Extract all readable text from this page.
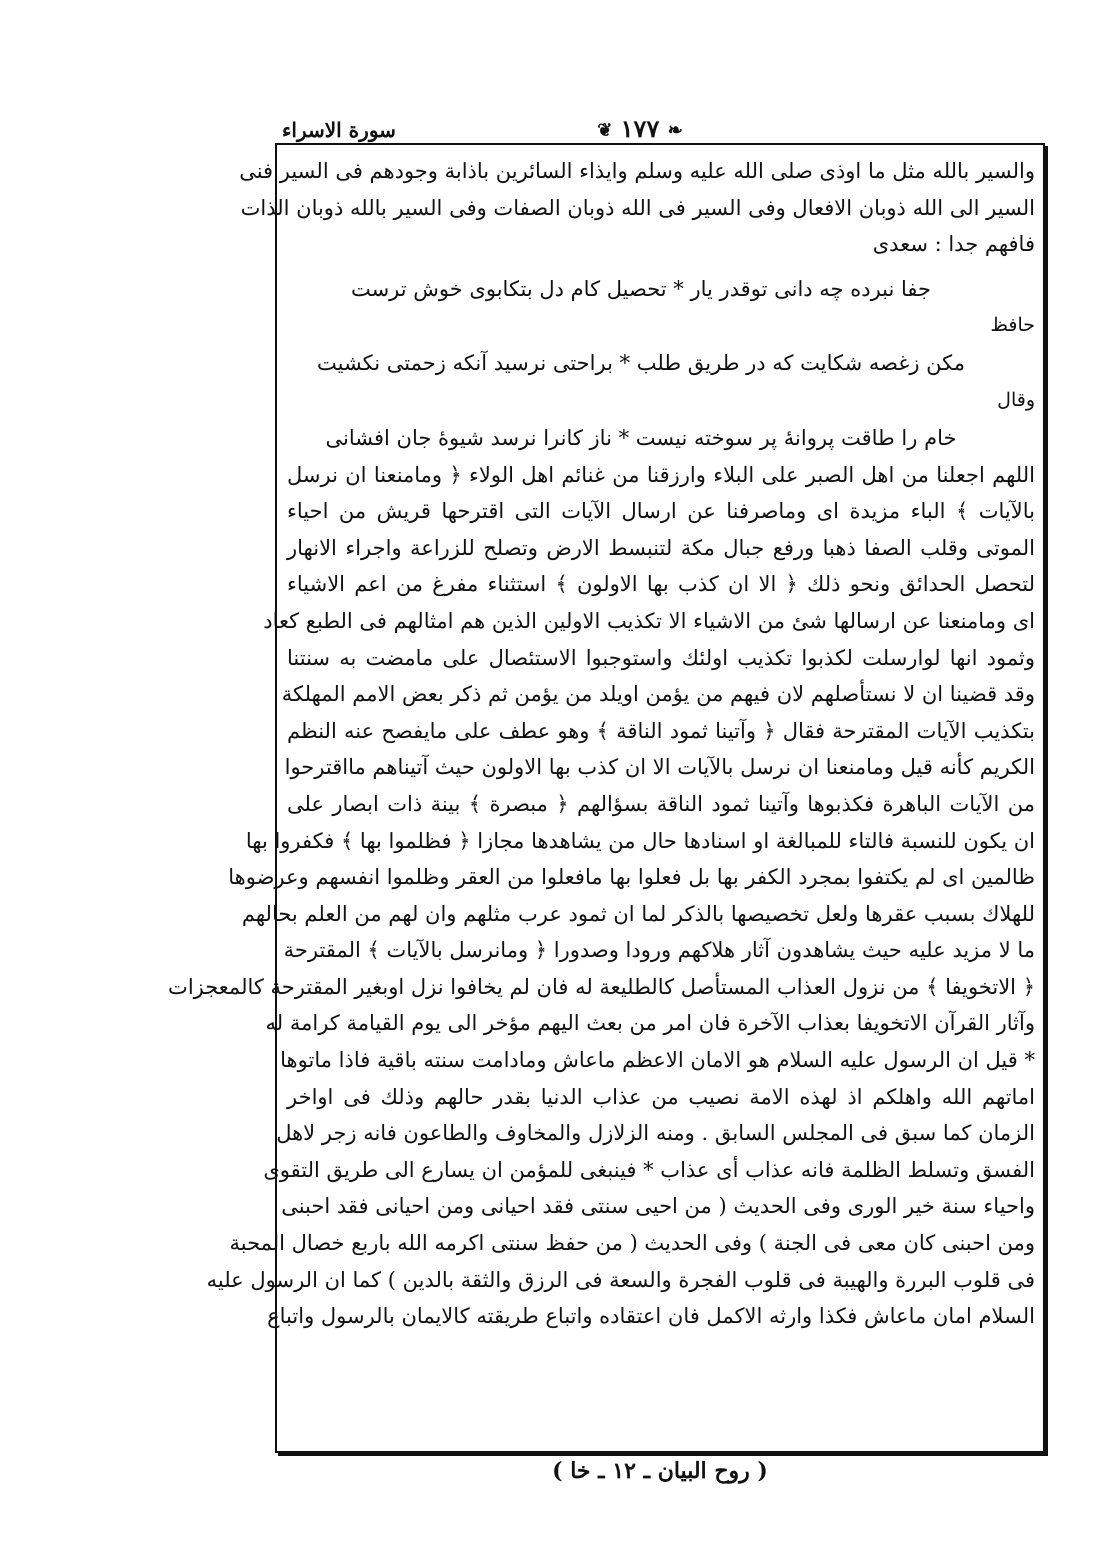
سورة الاسراء	❦ ١٧٧ ❧
والسير بالله مثل ما اوذى صلى الله عليه وسلم وايذاء السائرين باذابة وجودهم فى السير فنى
السير الى الله ذوبان الافعال وفى السير فى الله ذوبان الصفات وفى السير بالله ذوبان الذات
فافهم جدا : سعدى
جفا نبرده چه دانى توقدر يار * تحصيل كام دل بتكابوى خوش ترست
حافظ
مكن زغصه شكايت كه در طريق طلب * براحتى نرسيد آنكه زحمتى نكشيت
وقال
خام را طاقت پروانهٔ پر سوخته نيست * ناز كانرا نرسد شيوهٔ جان افشانى
اللهم اجعلنا من اهل الصبر على البلاء وارزقنا من غنائم اهل الولاء ﴿ ومامنعنا ان نرسل
بالآيات ﴾ الباء مزيدة اى وماصرفنا عن ارسال الآيات التى اقترحها قريش من احياء
الموتى وقلب الصفا ذهبا ورفع جبال مكة لتنبسط الارض وتصلح للزراعة واجراء الانهار
لتحصل الحدائق ونحو ذلك ﴿ الا ان كذب بها الاولون ﴾ استثناء مفرغ من اعم الاشياء
اى ومامنعنا عن ارسالها شئ من الاشياء الا تكذيب الاولين الذين هم امثالهم فى الطبع كعاد
وثمود انها لوارسلت لكذبوا تكذيب اولئك واستوجبوا الاستئصال على مامضت به سنتنا
وقد قضينا ان لا نستأصلهم لان فيهم من يؤمن اويلد من يؤمن ثم ذكر بعض الامم المهلكة
بتكذيب الآيات المقترحة فقال ﴿ وآتينا ثمود الناقة ﴾ وهو عطف على مايفصح عنه النظم
الكريم كأنه قيل ومامنعنا ان نرسل بالآيات الا ان كذب بها الاولون حيث آتيناهم مااقترحوا
من الآيات الباهرة فكذبوها وآتينا ثمود الناقة بسؤالهم ﴿ مبصرة ﴾ بينة ذات ابصار على
ان يكون للنسبة فالتاء للمبالغة او اسنادها حال من يشاهدها مجازا ﴿ فظلموا بها ﴾ فكفروا بها
ظالمين اى لم يكتفوا بمجرد الكفر بها بل فعلوا بها مافعلوا من العقر وظلموا انفسهم وعرضوها
للهلاك بسبب عقرها ولعل تخصيصها بالذكر لما ان ثمود عرب مثلهم وان لهم من العلم بحالهم
ما لا مزيد عليه حيث يشاهدون آثار هلاكهم ورودا وصدورا ﴿ ومانرسل بالآيات ﴾ المقترحة
﴿ الاتخويفا ﴾ من نزول العذاب المستأصل كالطليعة له فان لم يخافوا نزل اوبغير المقترحة كالمعجزات
وآثار القرآن الاتخويفا بعذاب الآخرة فان امر من بعث اليهم مؤخر الى يوم القيامة كرامة له
* قيل ان الرسول عليه السلام هو الامان الاعظم ماعاش ومادامت سنته باقية فاذا ماتوها
اماتهم الله واهلكم اذ لهذه الامة نصيب من عذاب الدنيا بقدر حالهم وذلك فى اواخر
الزمان كما سبق فى المجلس السابق . ومنه الزلازل والمخاوف والطاعون فانه زجر لاهل
الفسق وتسلط الظلمة فانه عذاب أى عذاب * فينبغى للمؤمن ان يسارع الى طريق التقوى
واحياء سنة خير الورى وفى الحديث ( من احيى سنتى فقد احيانى ومن احيانى فقد احبنى
ومن احبنى كان معى فى الجنة ) وفى الحديث ( من حفظ سنتى اكرمه الله باربع خصال المحبة
فى قلوب البررة والهيبة فى قلوب الفجرة والسعة فى الرزق والثقة بالدين ) كما ان الرسول عليه
السلام امان ماعاش فكذا وارثه الاكمل فان اعتقاده واتباع طريقته كالايمان بالرسول واتباع
( روح البيان ـ ١٢ ـ خا )
